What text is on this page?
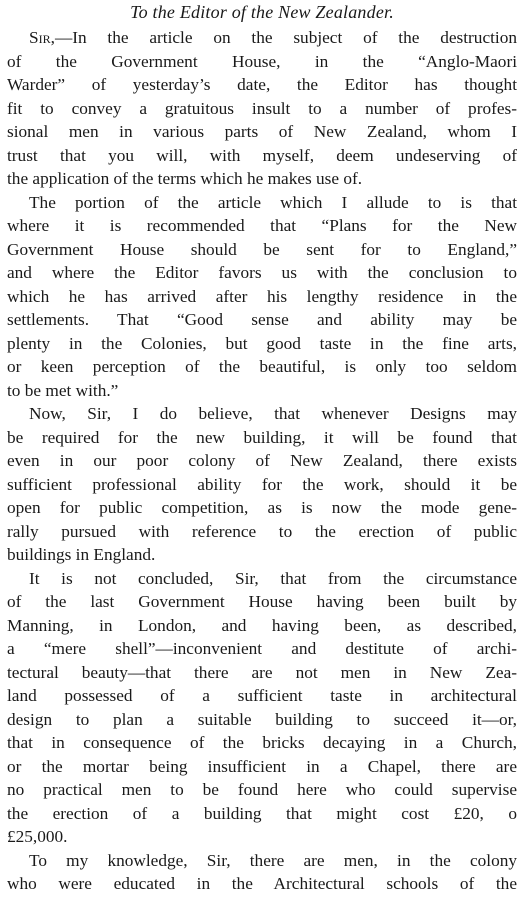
To the Editor of the New Zealander.
Sir,—In the article on the subject of the destruction
of the Government House, in the “Anglo-Maori
Warder” of yesterday’s date, the Editor has thought
fit to convey a gratuitous insult to a number of profes-
sional men in various parts of New Zealand, whom I
trust that you will, with myself, deem undeserving of
the application of the terms which he makes use of.
The portion of the article which I allude to is that
where it is recommended that “Plans for the New
Government House should be sent for to England,”
and where the Editor favors us with the conclusion to
which he has arrived after his lengthy residence in the
settlements. That “Good sense and ability may be
plenty in the Colonies, but good taste in the fine arts,
or keen perception of the beautiful, is only too seldom
to be met with.”
Now, Sir, I do believe, that whenever Designs may
be required for the new building, it will be found that
even in our poor colony of New Zealand, there exists
sufficient professional ability for the work, should it be
open for public competition, as is now the mode gene-
rally pursued with reference to the erection of public
buildings in England.
It is not concluded, Sir, that from the circumstance
of the last Government House having been built by
Manning, in London, and having been, as described,
a “mere shell”—inconvenient and destitute of archi-
tectural beauty—that there are not men in New Zea-
land possessed of a sufficient taste in architectural
design to plan a suitable building to succeed it—or,
that in consequence of the bricks decaying in a Church,
or the mortar being insufficient in a Chapel, there are
no practical men to be found here who could supervise
the erection of a building that might cost £20, o
£25,000.
To my knowledge, Sir, there are men, in the colony
who were educated in the Architectural schools of the
